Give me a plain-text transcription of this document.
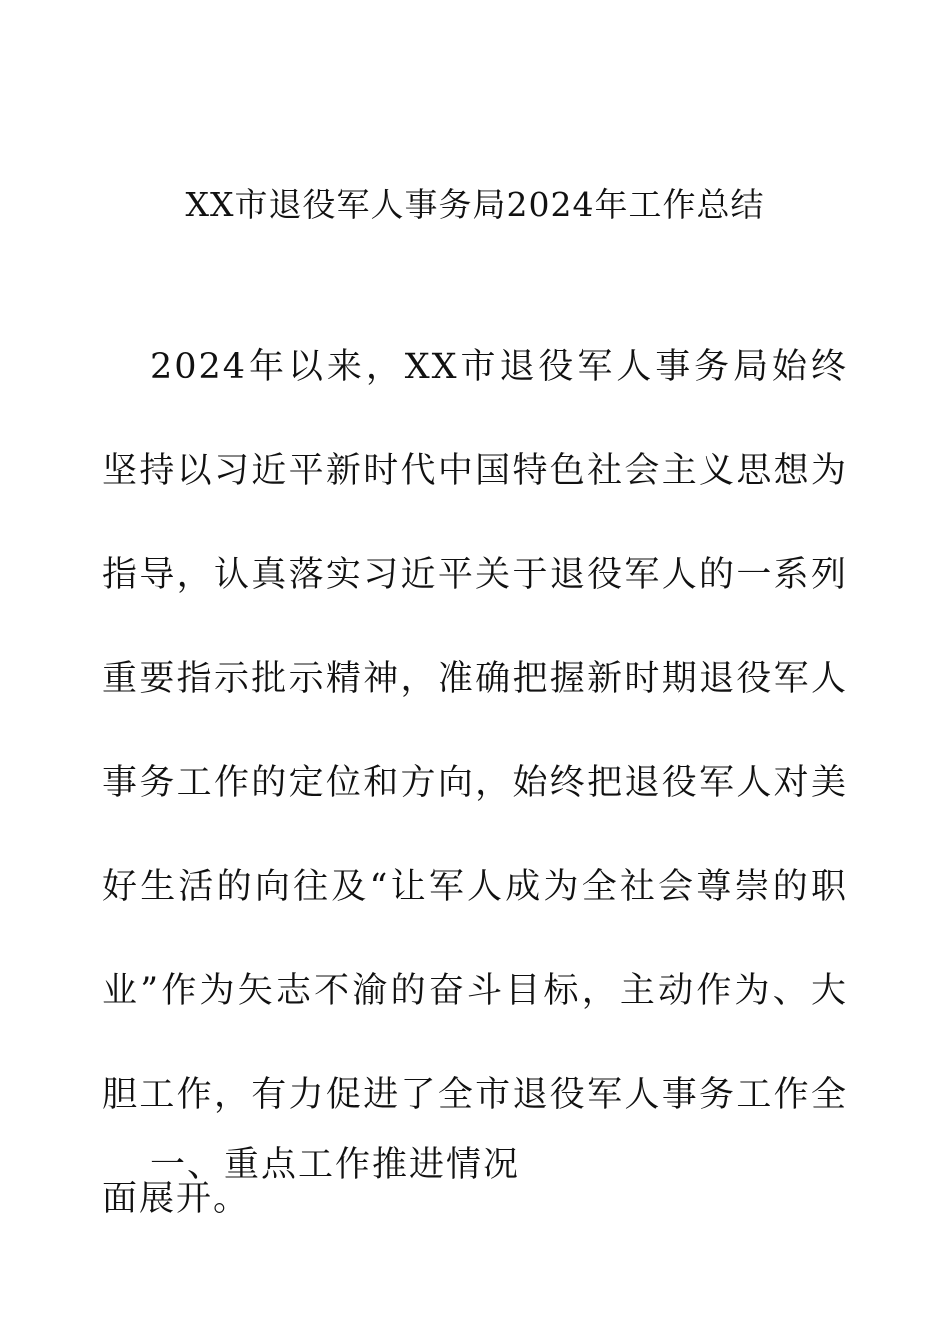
XX市退役军人事务局2024年工作总结

2024年以来，XX市退役军人事务局始终坚持以习近平新时代中国特色社会主义思想为指导，认真落实习近平关于退役军人的一系列重要指示批示精神，准确把握新时期退役军人事务工作的定位和方向，始终把退役军人对美好生活的向往及“让军人成为全社会尊崇的职业”作为矢志不渝的奋斗目标，主动作为、大胆工作，有力促进了全市退役军人事务工作全面展开。

一、重点工作推进情况
